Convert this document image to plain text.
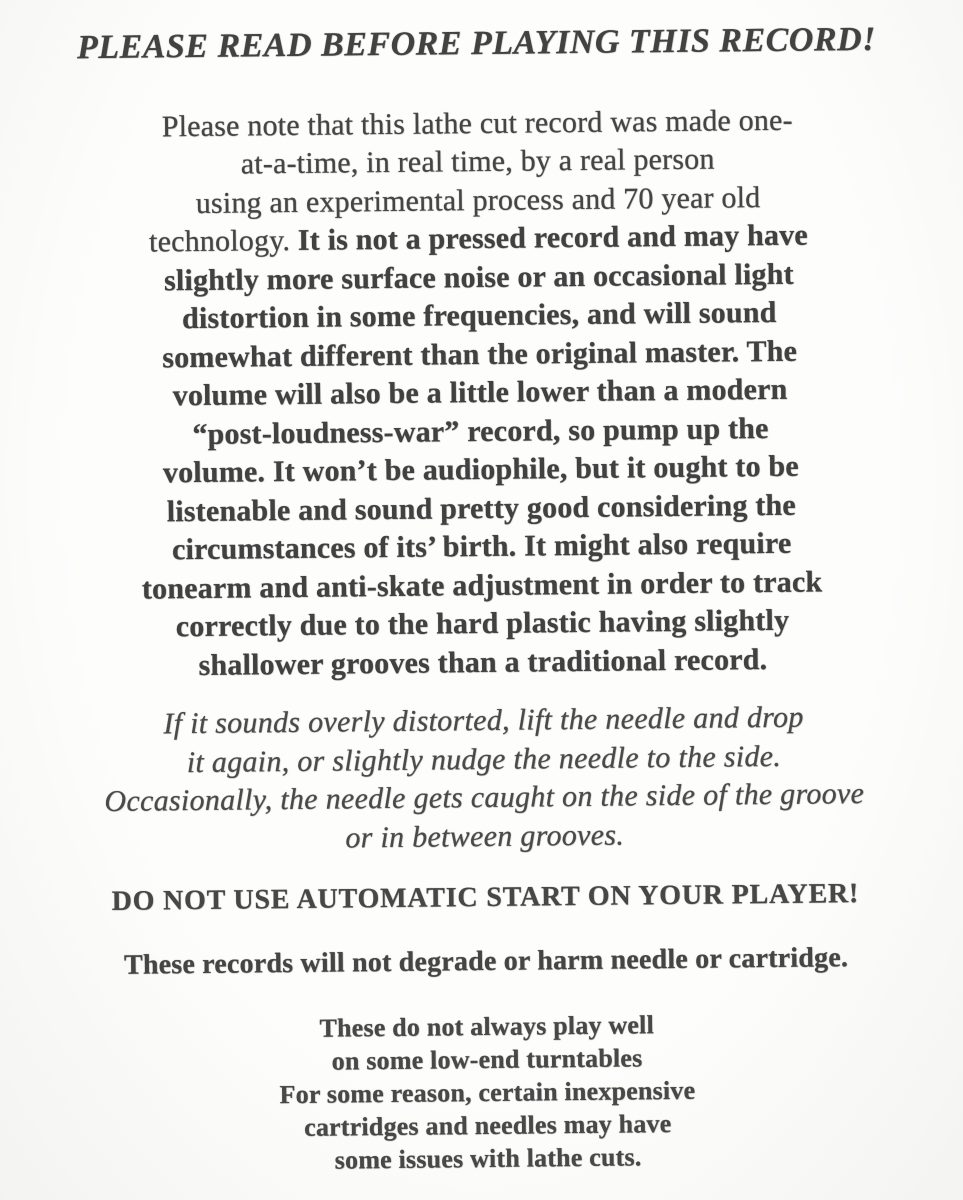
PLEASE READ BEFORE PLAYING THIS RECORD!
Please note that this lathe cut record was made one-
at-a-time, in real time, by a real person
using an experimental process and 70 year old
technology. It is not a pressed record and may have
slightly more surface noise or an occasional light
distortion in some frequencies, and will sound
somewhat different than the original master. The
volume will also be a little lower than a modern
“post-loudness-war” record, so pump up the
volume. It won’t be audiophile, but it ought to be
listenable and sound pretty good considering the
circumstances of its’ birth. It might also require
tonearm and anti-skate adjustment in order to track
correctly due to the hard plastic having slightly
shallower grooves than a traditional record.
If it sounds overly distorted, lift the needle and drop
it again, or slightly nudge the needle to the side.
Occasionally, the needle gets caught on the side of the groove
or in between grooves.
DO NOT USE AUTOMATIC START ON YOUR PLAYER!
These records will not degrade or harm needle or cartridge.
These do not always play well
on some low-end turntables
For some reason, certain inexpensive
cartridges and needles may have
some issues with lathe cuts.
